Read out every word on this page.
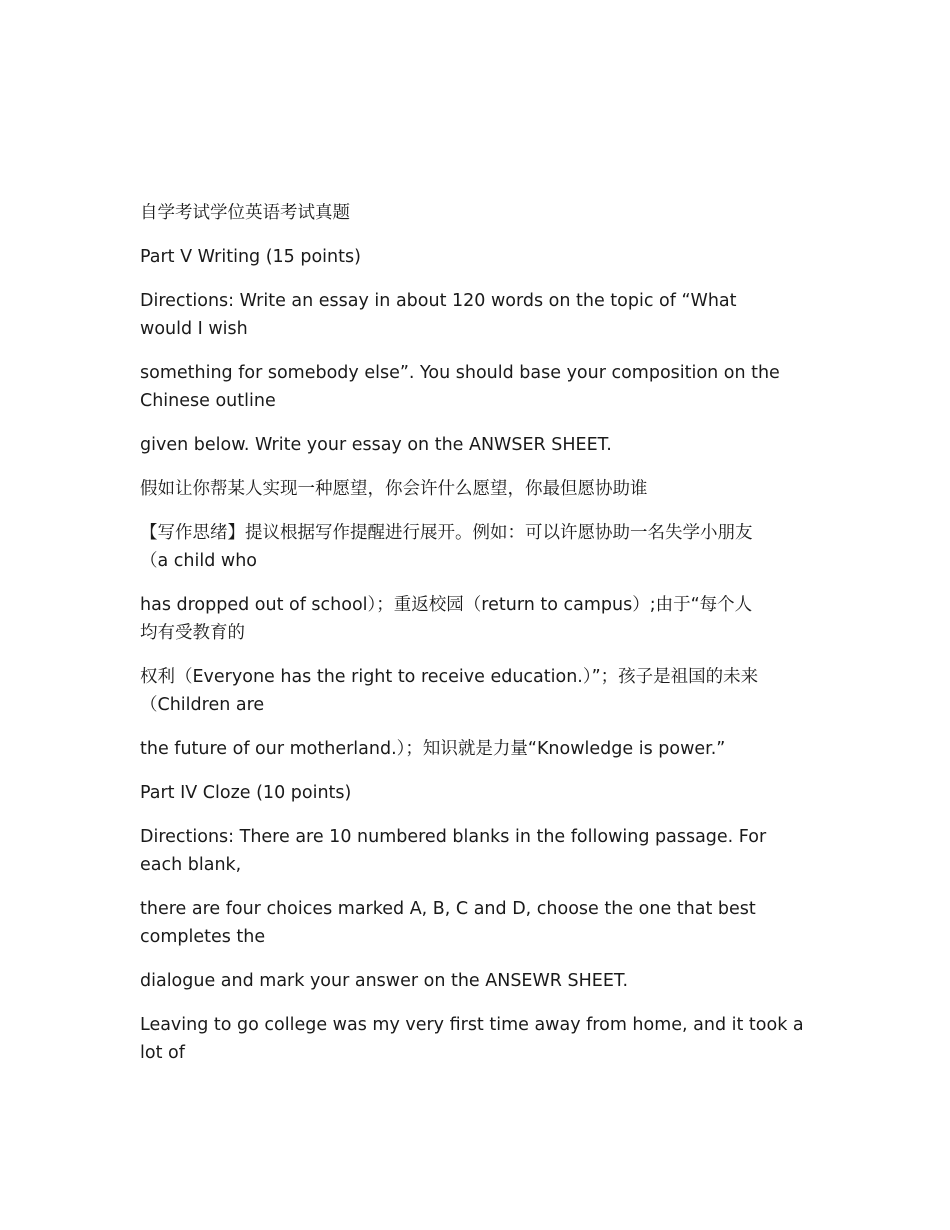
自学考试学位英语考试真题

Part V Writing (15 points)

Directions: Write an essay in about 120 words on the topic of “What
would I wish

something for somebody else”. You should base your composition on the
Chinese outline

given below. Write your essay on the ANWSER SHEET.

假如让你帮某人实现一种愿望，你会许什么愿望，你最但愿协助谁

【写作思绪】提议根据写作提醒进行展开。例如：可以许愿协助一名失学小朋友
（a child who

has dropped out of school）；重返校园（return to campus）;由于“每个人
均有受教育的

权利（Everyone has the right to receive education.）”；孩子是祖国的未来
（Children are

the future of our motherland.）；知识就是力量“Knowledge is power.”

Part IV Cloze (10 points)

Directions: There are 10 numbered blanks in the following passage. For
each blank,

there are four choices marked A, B, C and D, choose the one that best
completes the

dialogue and mark your answer on the ANSEWR SHEET.

Leaving to go college was my very first time away from home, and it took a
lot of
